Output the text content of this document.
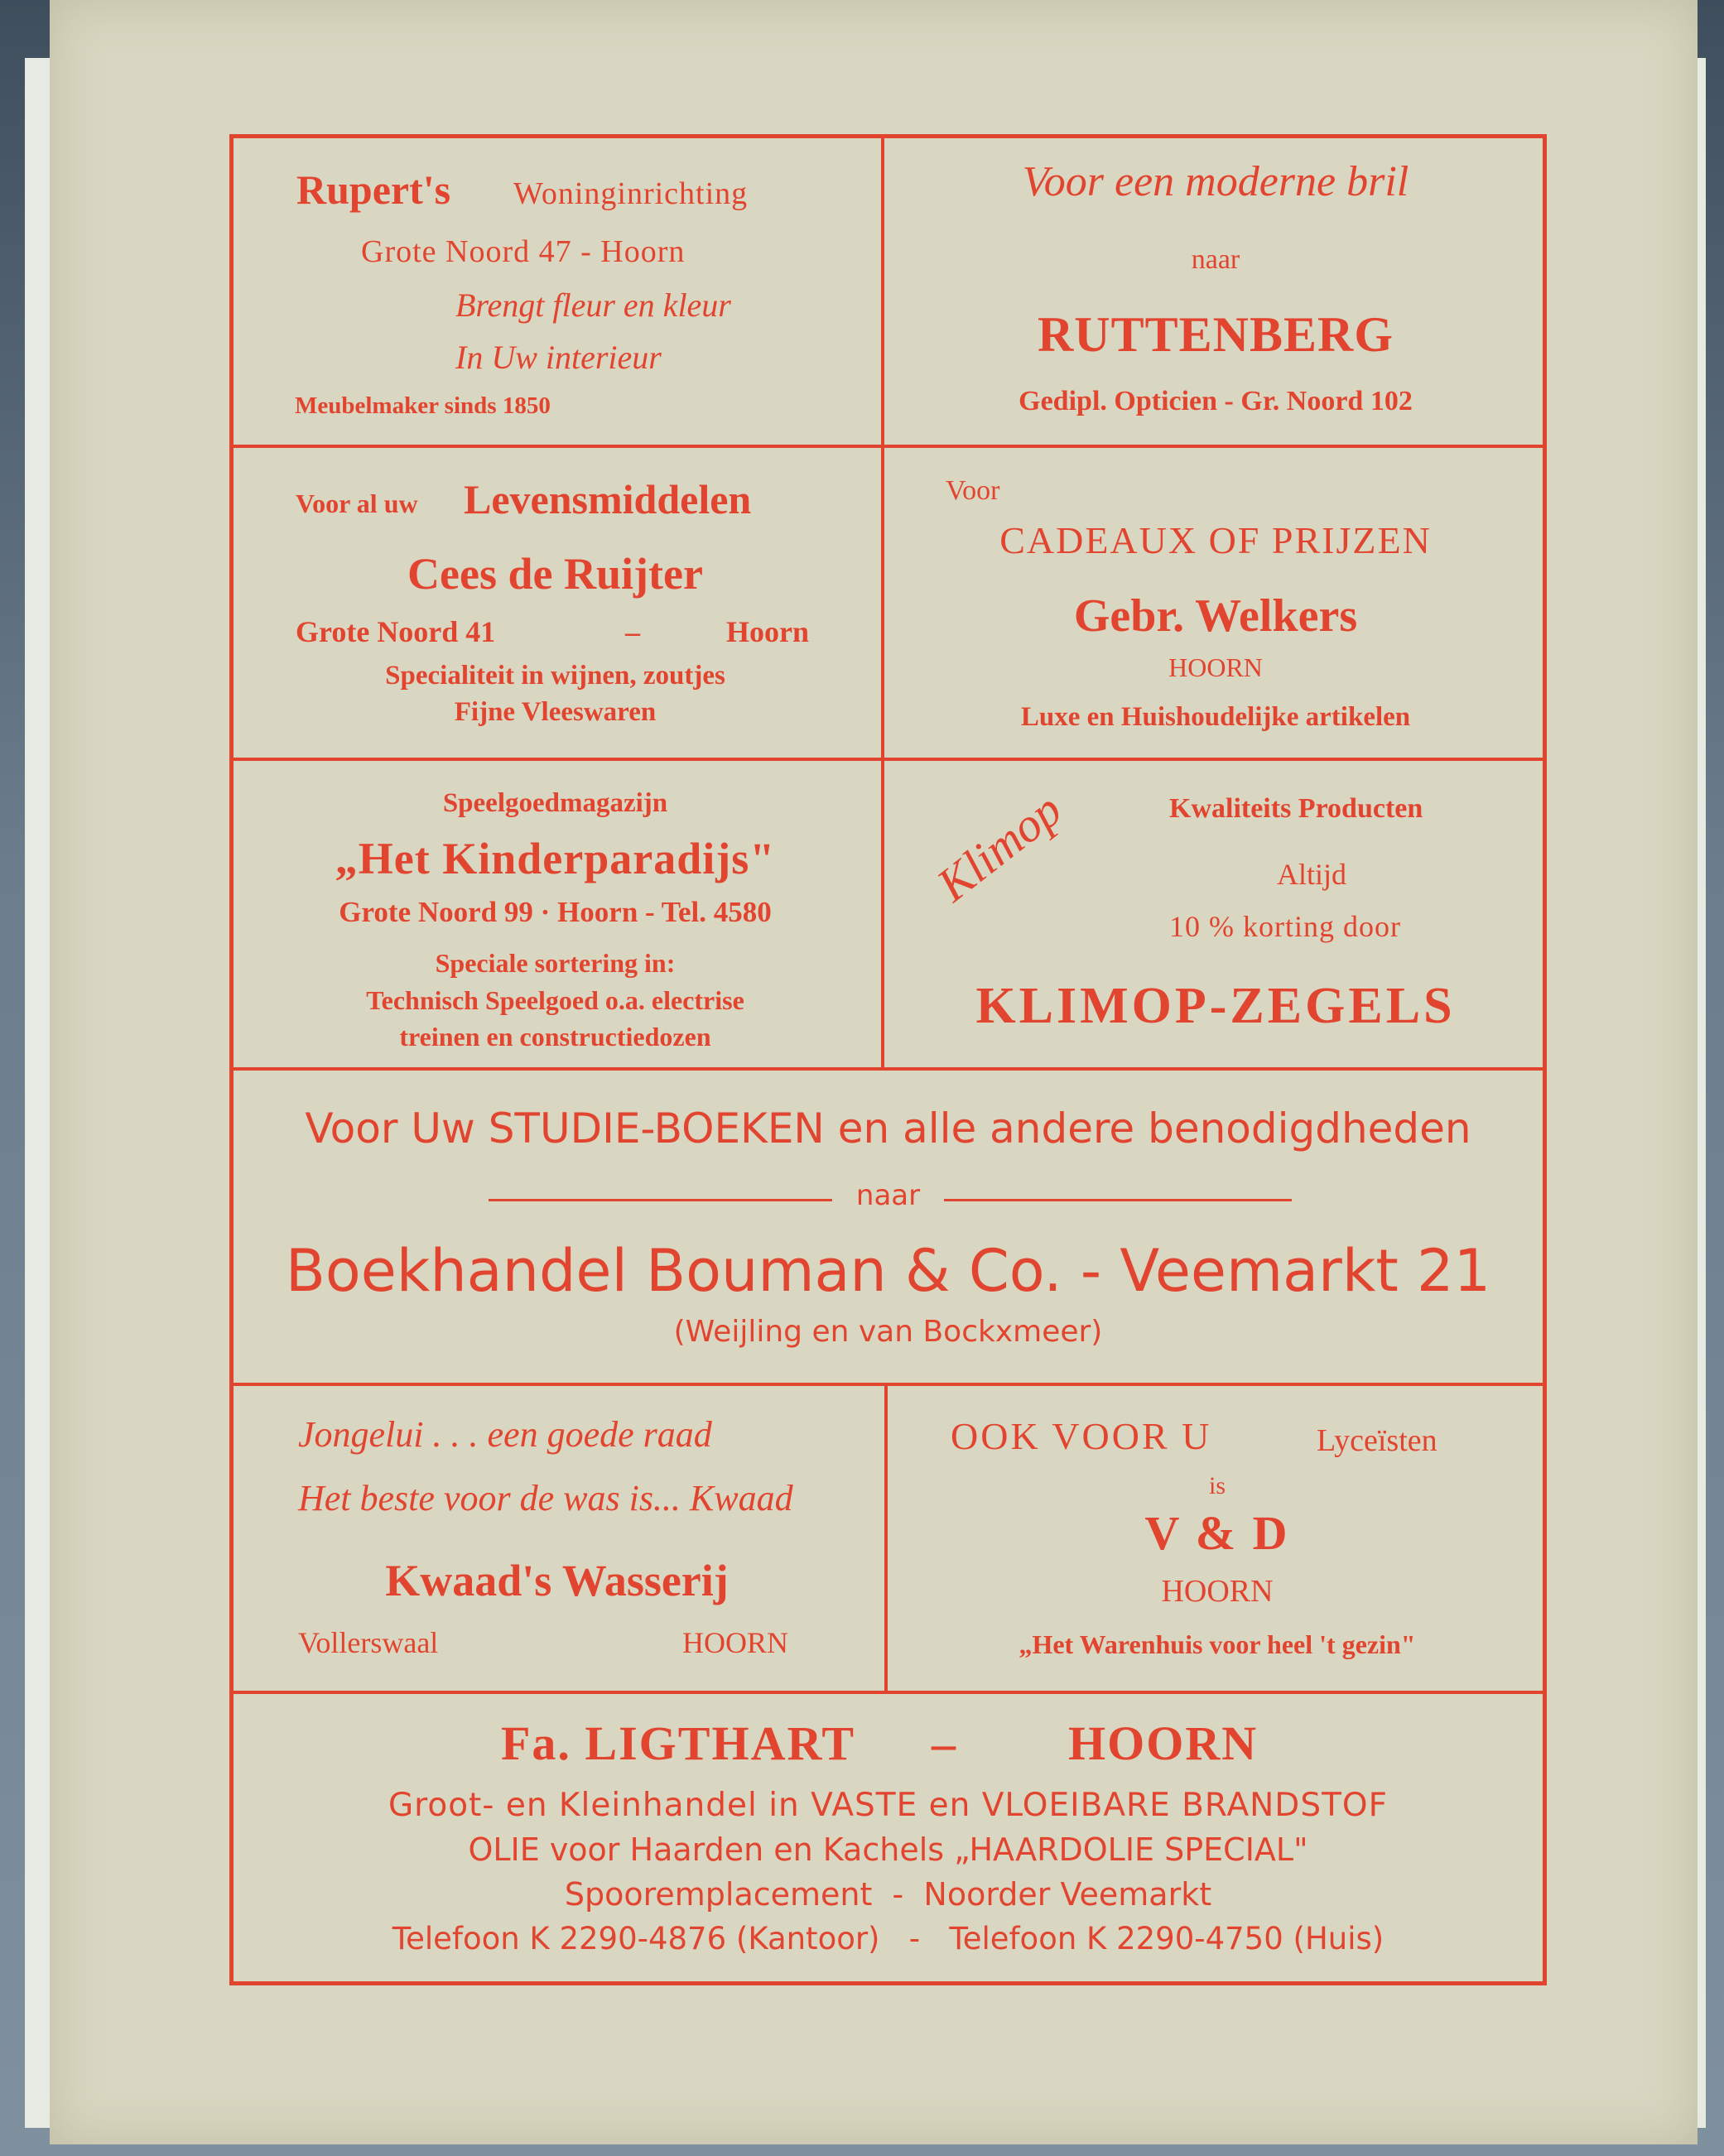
Rupert's Woninginrichting
Grote Noord 47 - Hoorn
Brengt fleur en kleur
In Uw interieur
Meubelmaker sinds 1850
Voor een moderne bril
naar
RUTTENBERG
Gedipl. Opticien - Gr. Noord 102
Voor al uw Levensmiddelen
Cees de Ruijter
Grote Noord 41	–	Hoorn
Specialiteit in wijnen, zoutjes
Fijne Vleeswaren
Voor
CADEAUX OF PRIJZEN
Gebr. Welkers
HOORN
Luxe en Huishoudelijke artikelen
Speelgoedmagazijn
„Het Kinderparadijs"
Grote Noord 99 · Hoorn - Tel. 4580
Speciale sortering in:
Technisch Speelgoed o.a. electrise
treinen en constructiedozen
Klimop	Kwaliteits Producten
Altijd
10 % korting door
KLIMOP-ZEGELS
Voor Uw STUDIE-BOEKEN en alle andere benodigdheden
naar
Boekhandel Bouman & Co. - Veemarkt 21
(Weijling en van Bockxmeer)
Jongelui . . . een goede raad
Het beste voor de was is... Kwaad
Kwaad's Wasserij
Vollerswaal	HOORN
OOK VOOR U	Lyceïsten
is
V & D
HOORN
„Het Warenhuis voor heel 't gezin"
Fa. LIGTHART – HOORN
Groot- en Kleinhandel in VASTE en VLOEIBARE BRANDSTOF
OLIE voor Haarden en Kachels „HAARDOLIE SPECIAL"
Spooremplacement  -  Noorder Veemarkt
Telefoon K 2290-4876 (Kantoor)   -   Telefoon K 2290-4750 (Huis)
